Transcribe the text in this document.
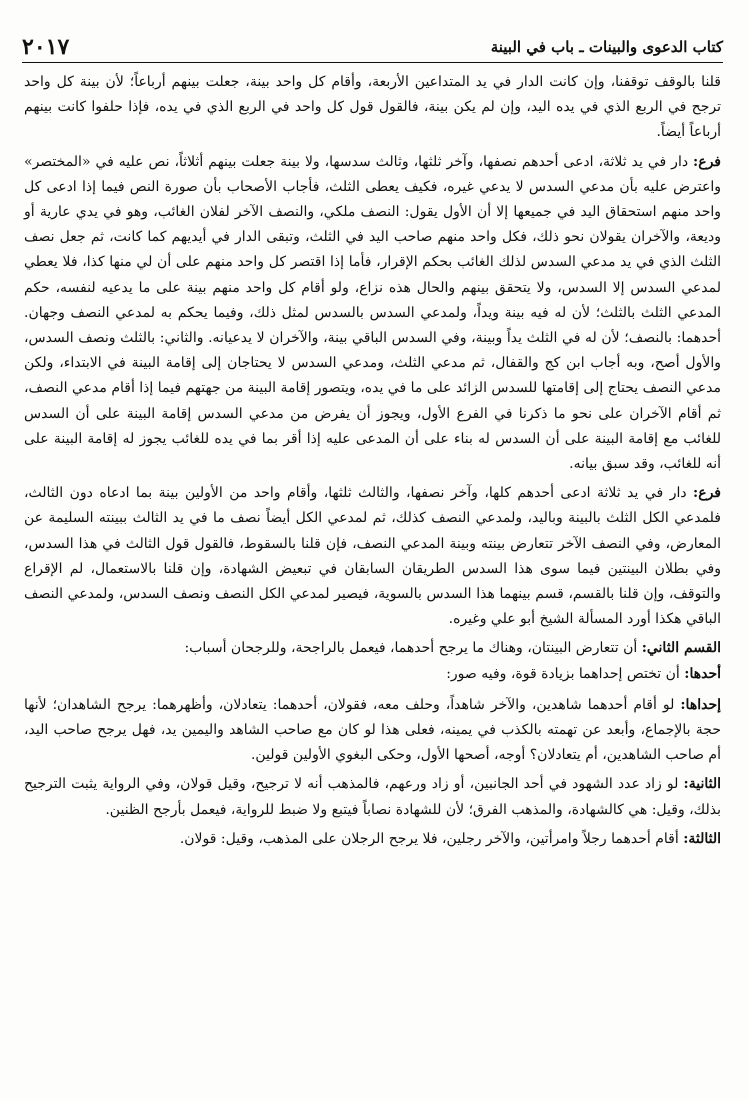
كتاب الدعوى والبينات ـ باب في البينة
٢٠١٧

قلنا بالوقف توقفنا، وإن كانت الدار في يد المتداعين الأربعة، وأقام كل واحد بينة، جعلت بينهم أرباعاً؛ لأن بينة كل واحد ترجح في الربع الذي في يده اليد، وإن لم يكن بينة، فالقول قول كل واحد في الربع الذي في يده، فإذا حلفوا كانت بينهم أرباعاً أيضاً.

فرع: دار في يد ثلاثة، ادعى أحدهم نصفها، وآخر ثلثها، وثالث سدسها، ولا بينة جعلت بينهم أثلاثاً، نص عليه في «المختصر» واعترض عليه بأن مدعي السدس لا يدعي غيره، فكيف يعطى الثلث، فأجاب الأصحاب بأن صورة النص فيما إذا ادعى كل واحد منهم استحقاق اليد في جميعها إلا أن الأول يقول: النصف ملكي، والنصف الآخر لفلان الغائب، وهو في يدي عارية أو وديعة، والآخران يقولان نحو ذلك، فكل واحد منهم صاحب اليد في الثلث، وتبقى الدار في أيديهم كما كانت، ثم جعل نصف الثلث الذي في يد مدعي السدس لذلك الغائب بحكم الإقرار، فأما إذا اقتصر كل واحد منهم على أن لي منها كذا، فلا يعطي لمدعي السدس إلا السدس، ولا يتحقق بينهم والحال هذه نزاع، ولو أقام كل واحد منهم بينة على ما يدعيه لنفسه، حكم المدعي الثلث بالثلث؛ لأن له فيه بينة ويداً، ولمدعي السدس بالسدس لمثل ذلك، وفيما يحكم به لمدعي النصف وجهان. أحدهما: بالنصف؛ لأن له في الثلث يداً وبينة، وفي السدس الباقي بينة، والآخران لا يدعيانه. والثاني: بالثلث ونصف السدس، والأول أصح، وبه أجاب ابن كج والقفال، ثم مدعي الثلث، ومدعي السدس لا يحتاجان إلى إقامة البينة في الابتداء، ولكن مدعي النصف يحتاج إلى إقامتها للسدس الزائد على ما في يده، ويتصور إقامة البينة من جهتهم فيما إذا أقام مدعي النصف، ثم أقام الآخران على نحو ما ذكرنا في الفرع الأول، ويجوز أن يفرض من مدعي السدس إقامة البينة على أن السدس للغائب مع إقامة البينة على أن السدس له بناء على أن المدعى عليه إذا أقر بما في يده للغائب يجوز له إقامة البينة على أنه للغائب، وقد سبق بيانه.

فرع: دار في يد ثلاثة ادعى أحدهم كلها، وآخر نصفها، والثالث ثلثها، وأقام واحد من الأولين بينة بما ادعاه دون الثالث، فلمدعي الكل الثلث بالبينة وباليد، ولمدعي النصف كذلك، ثم لمدعي الكل أيضاً نصف ما في يد الثالث ببينته السليمة عن المعارض، وفي النصف الآخر تتعارض بينته وبينة المدعي النصف، فإن قلنا بالسقوط، فالقول قول الثالث في هذا السدس، وفي بطلان البينتين فيما سوى هذا السدس الطريقان السابقان في تبعيض الشهادة، وإن قلنا بالاستعمال، لم الإقراع والتوقف، وإن قلنا بالقسم، قسم بينهما هذا السدس بالسوية، فيصير لمدعي الكل النصف ونصف السدس، ولمدعي النصف الباقي هكذا أورد المسألة الشيخ أبو علي وغيره.

القسم الثاني: أن تتعارض البينتان، وهناك ما يرجح أحدهما، فيعمل بالراجحة، وللرجحان أسباب:

أحدها: أن تختص إحداهما بزيادة قوة، وفيه صور:

إحداها: لو أقام أحدهما شاهدين، والآخر شاهداً، وحلف معه، فقولان، أحدهما: يتعادلان، وأظهرهما: يرجح الشاهدان؛ لأنها حجة بالإجماع، وأبعد عن تهمته بالكذب في يمينه، فعلى هذا لو كان مع صاحب الشاهد واليمين يد، فهل يرجح صاحب اليد، أم صاحب الشاهدين، أم يتعادلان؟ أوجه، أصحها الأول، وحكى البغوي الأولين قولين.

الثانية: لو زاد عدد الشهود في أحد الجانبين، أو زاد ورعهم، فالمذهب أنه لا ترجيح، وقيل قولان، وفي الرواية يثبت الترجيح بذلك، وقيل: هي كالشهادة، والمذهب الفرق؛ لأن للشهادة نصاباً فيتبع ولا ضبط للرواية، فيعمل بأرجح الظنين.

الثالثة: أقام أحدهما رجلاً وامرأتين، والآخر رجلين، فلا يرجح الرجلان على المذهب، وقيل: قولان.
